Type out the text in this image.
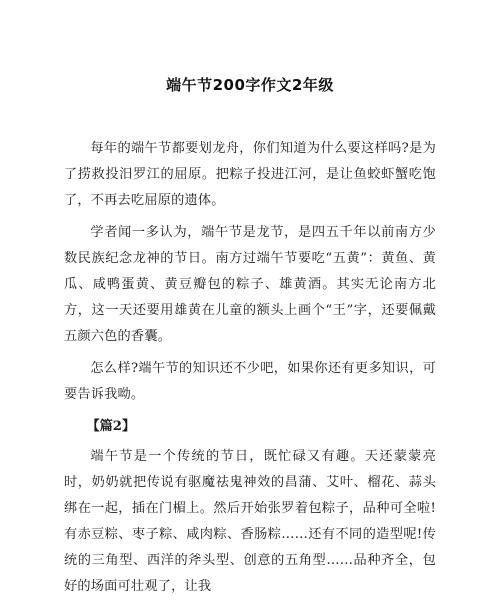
端午节200字作文2年级

每年的端午节都要划龙舟，你们知道为什么要这样吗?是为了捞救投汨罗江的屈原。把粽子投进江河，是让鱼蛟虾蟹吃饱了，不再去吃屈原的遗体。

学者闻一多认为，端午节是龙节，是四五千年以前南方少数民族纪念龙神的节日。南方过端午节要吃“五黄”：黄鱼、黄瓜、咸鸭蛋黄、黄豆瓣包的粽子、雄黄酒。其实无论南方北方，这一天还要用雄黄在儿童的额头上画个“王”字，还要佩戴五颜六色的香囊。

怎么样?端午节的知识还不少吧，如果你还有更多知识，可要告诉我呦。

【篇2】

端午节是一个传统的节日，既忙碌又有趣。天还蒙蒙亮时，奶奶就把传说有驱魔祛鬼神效的昌蒲、艾叶、榴花、蒜头绑在一起，插在门楣上。然后开始张罗着包粽子，品种可全啦!有赤豆粽、枣子粽、咸肉粽、香肠粽……还有不同的造型呢!传统的三角型、西洋的斧头型、创意的五角型……品种齐全，包好的场面可壮观了，让我
